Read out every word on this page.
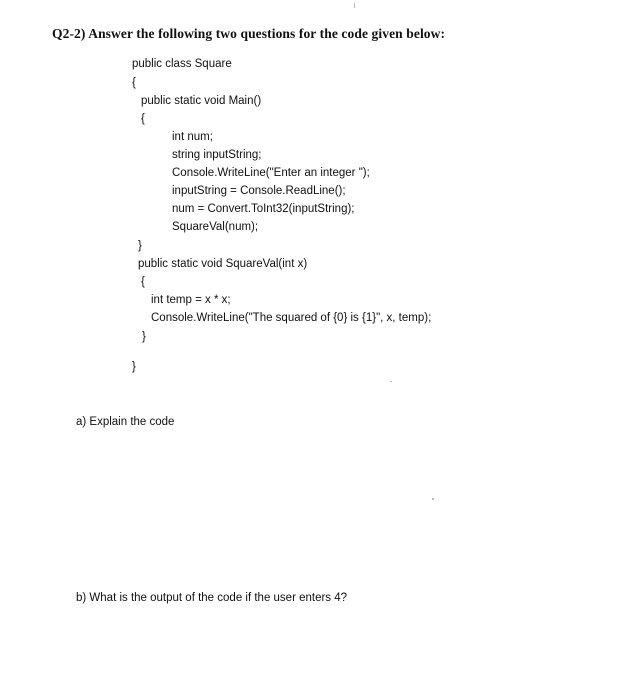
Q2-2) Answer the following two questions for the code given below:
public class Square
{
public static void Main()
{
int num;
string inputString;
Console.WriteLine("Enter an integer ");
inputString = Console.ReadLine();
num = Convert.ToInt32(inputString);
SquareVal(num);
}
public static void SquareVal(int x)
{
int temp = x * x;
Console.WriteLine("The squared of {0} is {1}", x, temp);
}
}
a) Explain the code
b) What is the output of the code if the user enters 4?
